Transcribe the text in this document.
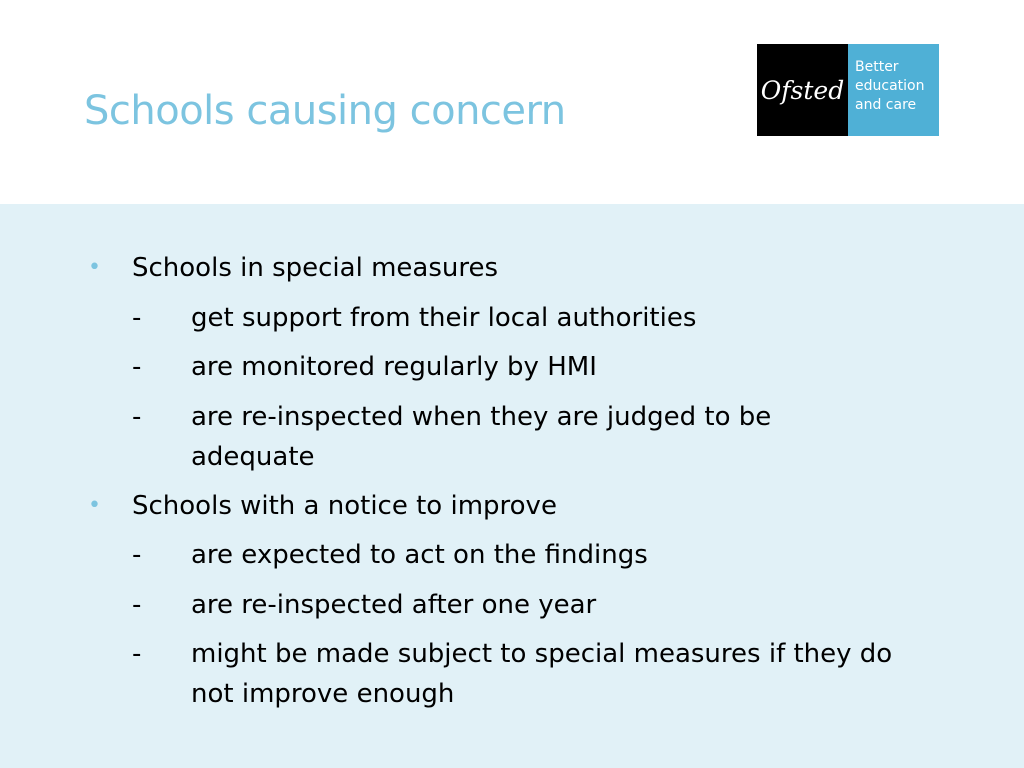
Schools causing concern	Ofsted
Better
education
and care
• Schools in special measures
- get support from their local authorities
- are monitored regularly by HMI
- are re-inspected when they are judged to be adequate
• Schools with a notice to improve
- are expected to act on the findings
- are re-inspected after one year
- might be made subject to special measures if they do not improve enough
